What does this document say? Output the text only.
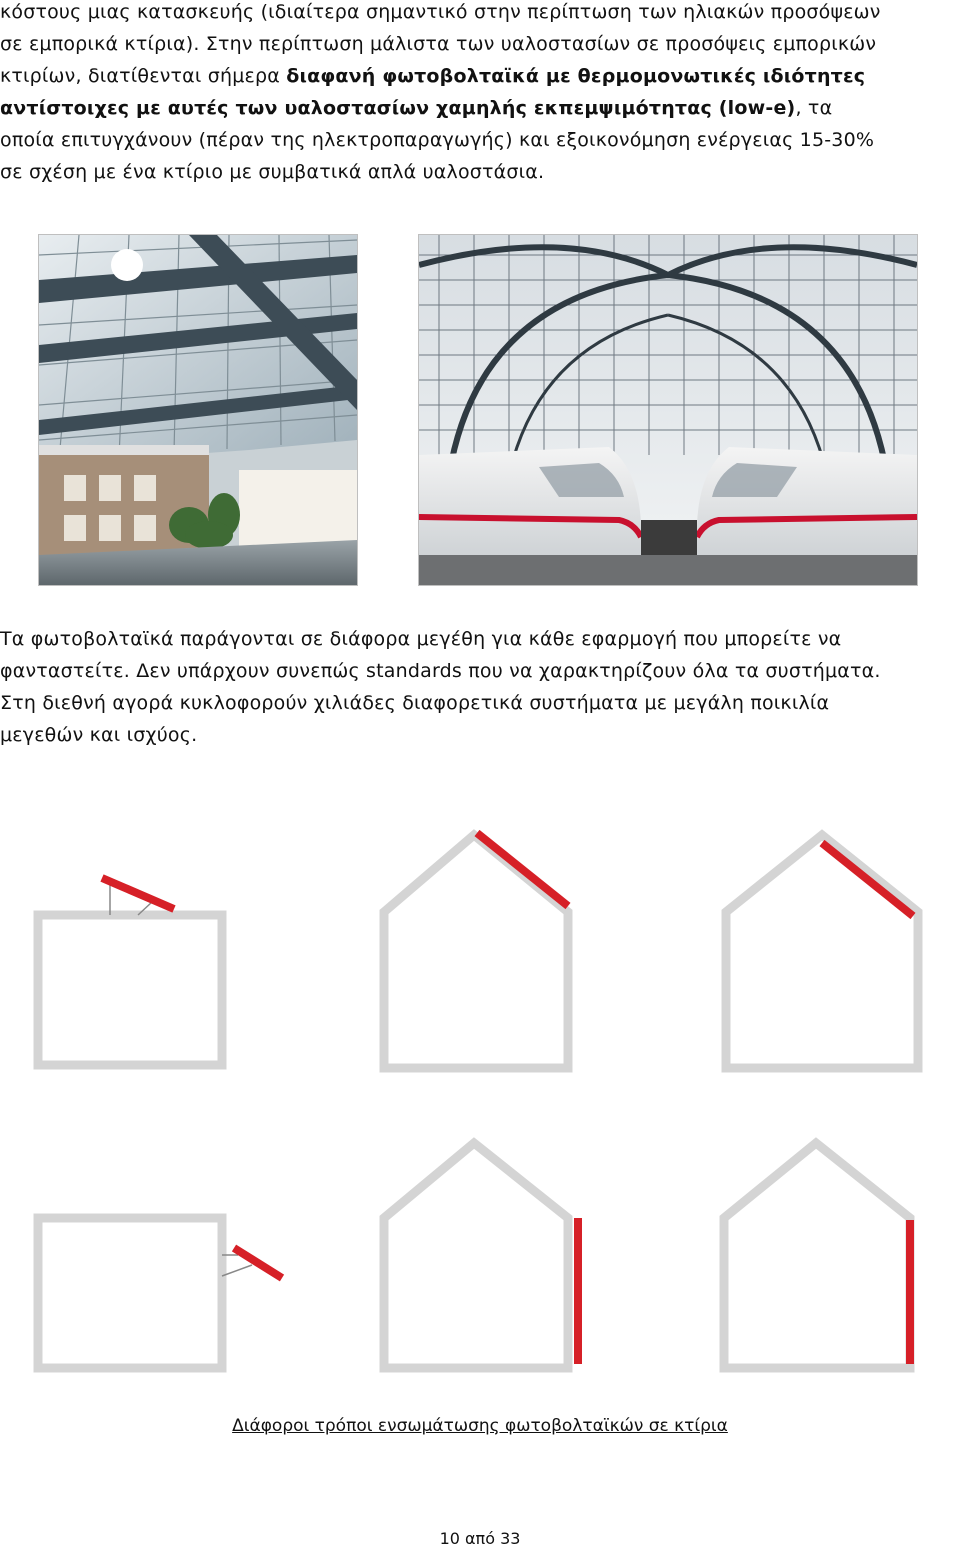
κόστους μιας κατασκευής (ιδιαίτερα σημαντικό στην περίπτωση των ηλιακών προσόψεων
σε εμπορικά κτίρια). Στην περίπτωση μάλιστα των υαλοστασίων σε προσόψεις εμπορικών
κτιρίων, διατίθενται σήμερα διαφανή φωτοβολταϊκά με θερμομονωτικές ιδιότητες
αντίστοιχες με αυτές των υαλοστασίων χαμηλής εκπεμψιμότητας (low-e), τα
οποία επιτυγχάνουν (πέραν της ηλεκτροπαραγωγής) και εξοικονόμηση ενέργειας 15-30%
σε σχέση με ένα κτίριο με συμβατικά απλά υαλοστάσια.
Τα φωτοβολταϊκά παράγονται σε διάφορα μεγέθη για κάθε εφαρμογή που μπορείτε να
φανταστείτε. Δεν υπάρχουν συνεπώς standards που να χαρακτηρίζουν όλα τα συστήματα.
Στη διεθνή αγορά κυκλοφορούν χιλιάδες διαφορετικά συστήματα με μεγάλη ποικιλία
μεγεθών και ισχύος.
Διάφοροι τρόποι ενσωμάτωσης φωτοβολταϊκών σε κτίρια
10 από 33
